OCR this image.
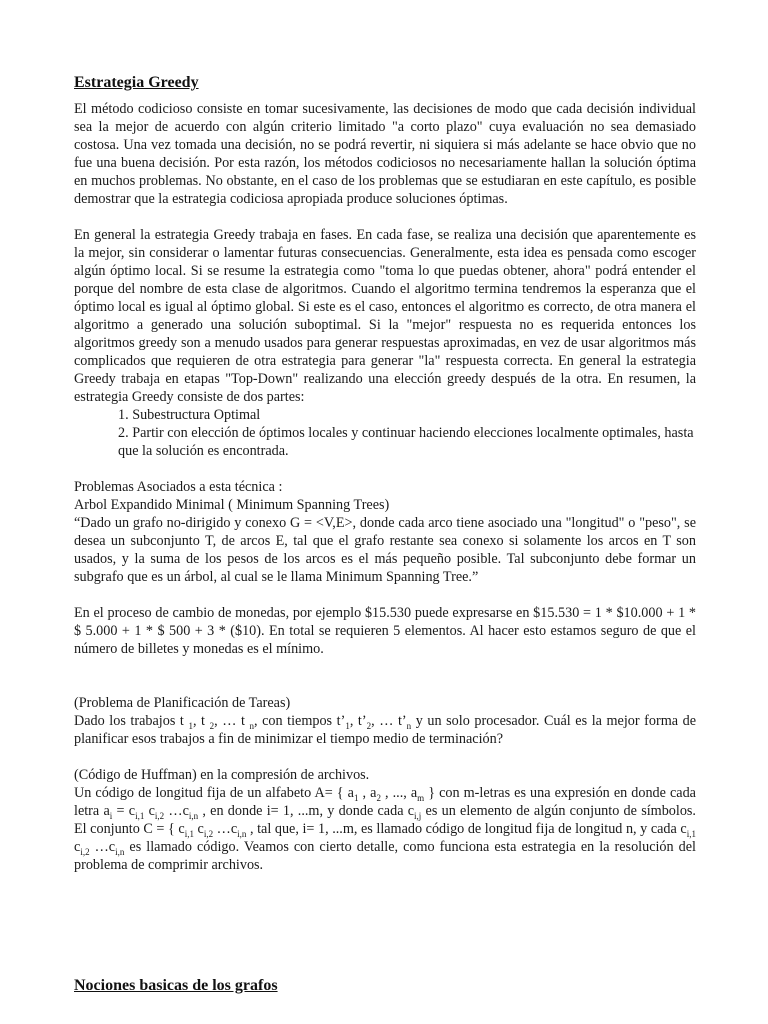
Estrategia Greedy

El método codicioso consiste en tomar sucesivamente, las decisiones de modo que cada decisión individual sea la mejor de acuerdo con algún criterio limitado "a corto plazo" cuya evaluación no sea demasiado costosa. Una vez tomada una decisión, no se podrá revertir, ni siquiera si más adelante se hace obvio que no fue una buena decisión. Por esta razón, los métodos codiciosos no necesariamente hallan la solución óptima en muchos problemas. No obstante, en el caso de los problemas que se estudiaran en este capítulo, es posible demostrar que la estrategia codiciosa apropiada produce soluciones óptimas.

En general la estrategia Greedy trabaja en fases. En cada fase, se realiza una decisión que aparentemente es la mejor, sin considerar o lamentar futuras consecuencias. Generalmente, esta idea es pensada como escoger algún óptimo local. Si se resume la estrategia como "toma lo que puedas obtener, ahora" podrá entender el porque del nombre de esta clase de algoritmos. Cuando el algoritmo termina tendremos la esperanza que el óptimo local es igual al óptimo global. Si este es el caso, entonces el algoritmo es correcto, de otra manera el algoritmo a generado una solución suboptimal. Si la "mejor" respuesta no es requerida entonces los algoritmos greedy son a menudo usados para generar respuestas aproximadas, en vez de usar algoritmos más complicados que requieren de otra estrategia para generar "la" respuesta correcta. En general la estrategia Greedy trabaja en etapas "Top-Down" realizando una elección greedy después de la otra. En resumen, la estrategia Greedy consiste de dos partes:

1. Subestructura Optimal
2. Partir con elección de óptimos locales y continuar haciendo elecciones localmente optimales, hasta que la solución es encontrada.

Problemas Asociados a esta técnica :

Arbol Expandido Minimal ( Minimum Spanning Trees)

“Dado un grafo no-dirigido y conexo G = <V,E>, donde cada arco tiene asociado una "longitud" o "peso", se desea un subconjunto T, de arcos E, tal que el grafo restante sea conexo si solamente los arcos en T son usados, y la suma de los pesos de los arcos es el más pequeño posible. Tal subconjunto debe formar un subgrafo que es un árbol, al cual se le llama Minimum Spanning Tree.”

En el proceso de cambio de monedas, por ejemplo $15.530 puede expresarse en $15.530 = 1 * $10.000 + 1 * $ 5.000 + 1 * $ 500 + 3 * ($10). En total se requieren 5 elementos. Al hacer esto estamos seguro de que el número de billetes y monedas es el mínimo.

(Problema de Planificación de Tareas)

Dado los trabajos t $_1$, t $_2$, … t $_n$, con tiempos $t’_1$, $t’_2$, … $t’_n$ y un solo procesador. Cuál es la mejor forma de planificar esos trabajos a fin de minimizar el tiempo medio de terminación?

(Código de Huffman) en la compresión de archivos.

Un código de longitud fija de un alfabeto A= { $a_1$ , $a_2$ , ..., $a_m$ } con m-letras es una expresión en donde cada letra $a_i = c_{i,1}$ $c_{i,2}$ $\dots c_{i,n}$ , en donde i= 1, ...m, y donde cada $c_{i,j}$ es un elemento de algún conjunto de símbolos. El conjunto C = { $c_{i,1}$ $c_{i,2}$ $\dots c_{i,n}$ , tal que, i= 1, ...m, es llamado código de longitud fija de longitud n, y cada $c_{i,1}$ $c_{i,2}$ $\dots c_{i,n}$ es llamado código. Veamos con cierto detalle, como funciona esta estrategia en la resolución del problema de comprimir archivos.

Nociones basicas de los grafos
